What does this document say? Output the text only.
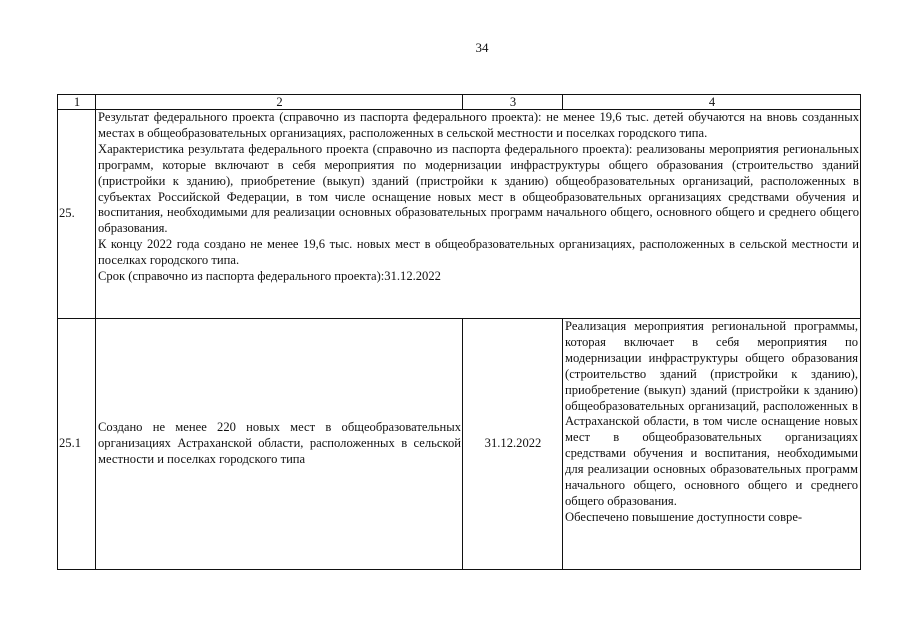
34
1	2	3	4
25.	Результат федерального проекта (справочно из паспорта федерального проекта): не менее 19,6 тыс. детей обучаются на вновь созданных местах в общеобразовательных организациях, расположенных в сельской местности и поселках городского типа.

Характеристика результата федерального проекта (справочно из паспорта федерального проекта): реализованы мероприятия региональных программ, которые включают в себя мероприятия по модернизации инфраструктуры общего образования (строительство зданий (пристройки к зданию), приобретение (выкуп) зданий (пристройки к зданию) общеобразовательных организаций, расположенных в субъектах Российской Федерации, в том числе оснащение новых мест в общеобразовательных организациях средствами обучения и воспитания, необходимыми для реализации основных образовательных программ начального общего, основного общего и среднего общего образования.

К концу 2022 года создано не менее 19,6 тыс. новых мест в общеобразовательных организациях, расположенных в сельской местности и поселках городского типа.

Срок (справочно из паспорта федерального проекта):31.12.2022		

25.1	Создано не менее 220 новых мест в общеобразовательных организациях Астраханской области, расположенных в сельской местности и поселках городского типа	31.12.2022	Реализация мероприятия региональной программы, которая включает в себя мероприятия по модернизации инфраструктуры общего образования (строительство зданий (пристройки к зданию), приобретение (выкуп) зданий (пристройки к зданию) общеобразовательных организаций, расположенных в Астраханской области, в том числе оснащение новых мест в общеобразовательных организациях средствами обучения и воспитания, необходимыми для реализации основных образовательных программ начального общего, основного общего и среднего общего образования.

Обеспечено повышение доступности совре-
